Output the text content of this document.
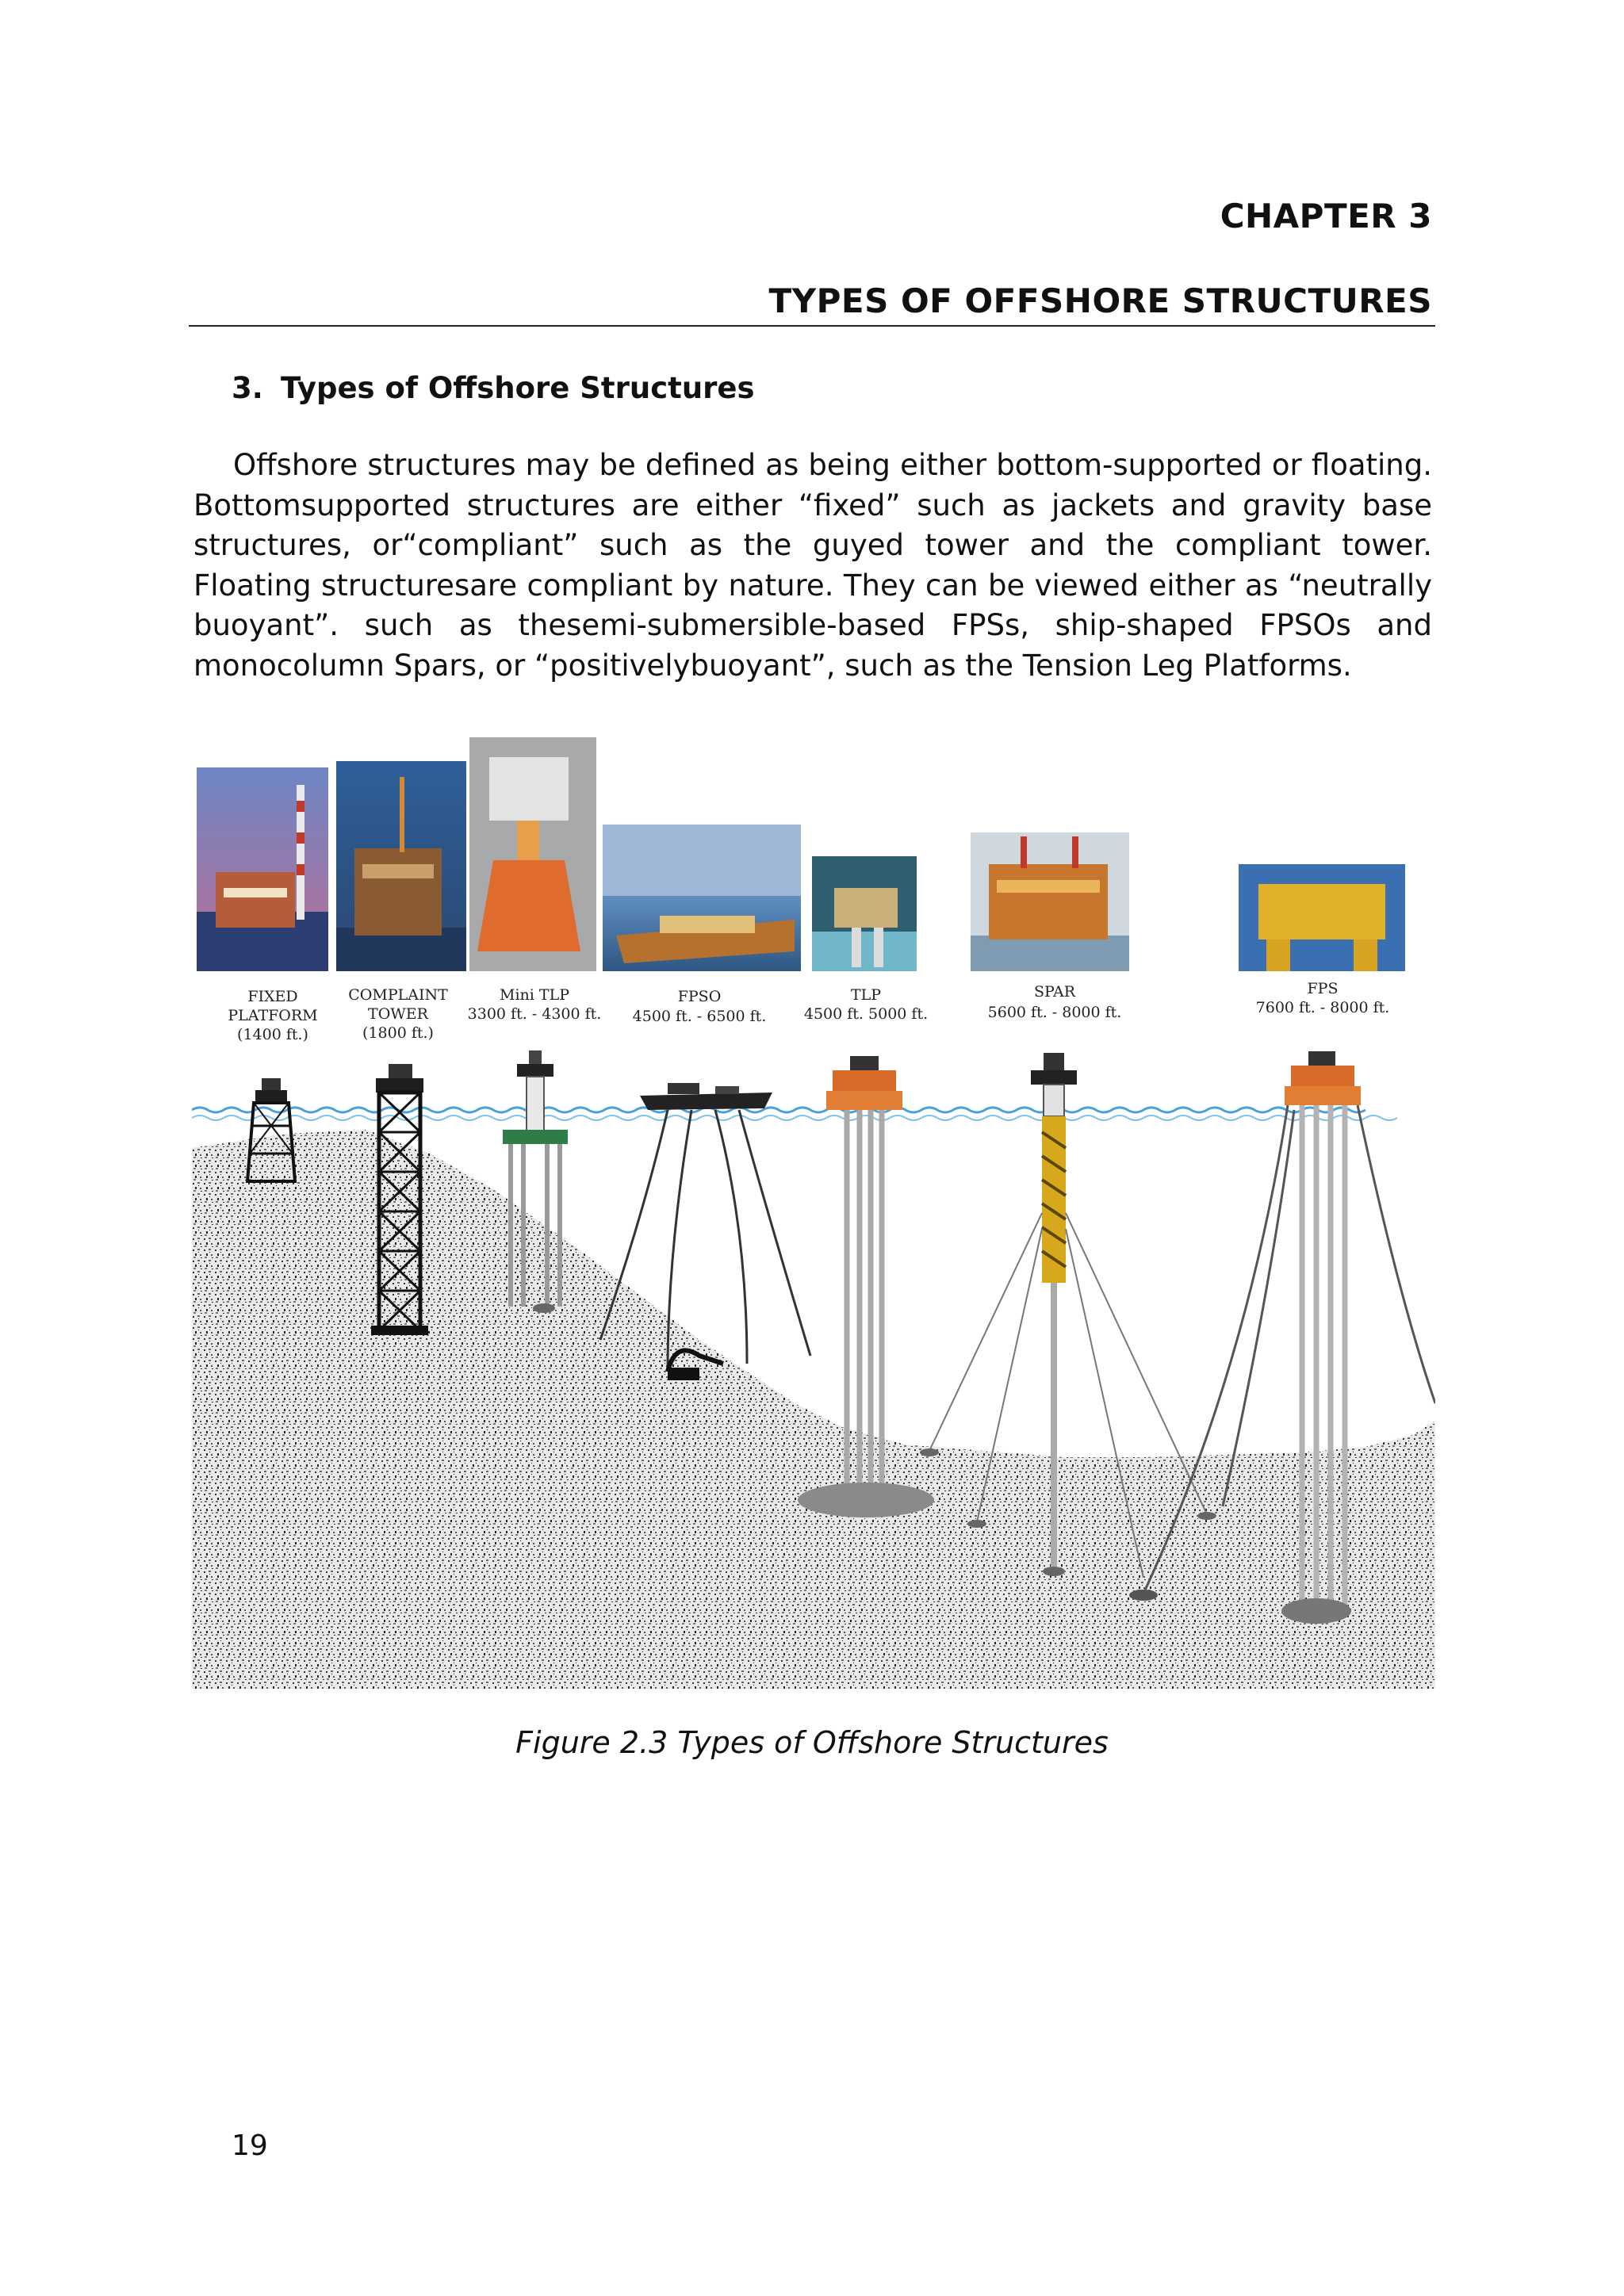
CHAPTER 3
TYPES OF OFFSHORE STRUCTURES
3. Types of Offshore Structures

Offshore structures may be defined as being either bottom-supported or floating. Bottomsupported structures are either “fixed” such as jackets and gravity base structures, or“compliant” such as the guyed tower and the compliant tower. Floating structuresare compliant by nature. They can be viewed either as “neutrally buoyant”. such as thesemi-submersible-based FPSs, ship-shaped FPSOs and monocolumn Spars, or “positivelybuoyant”, such as the Tension Leg Platforms.

FIXED
PLATFORM
(1400 ft.)
COMPLAINT
TOWER
(1800 ft.)
Mini TLP
3300 ft. - 4300 ft.
FPSO
4500 ft. - 6500 ft.
TLP
4500 ft. 5000 ft.
SPAR
5600 ft. - 8000 ft.
FPS
7600 ft. - 8000 ft.
Figure 2.3 Types of Offshore Structures
19
